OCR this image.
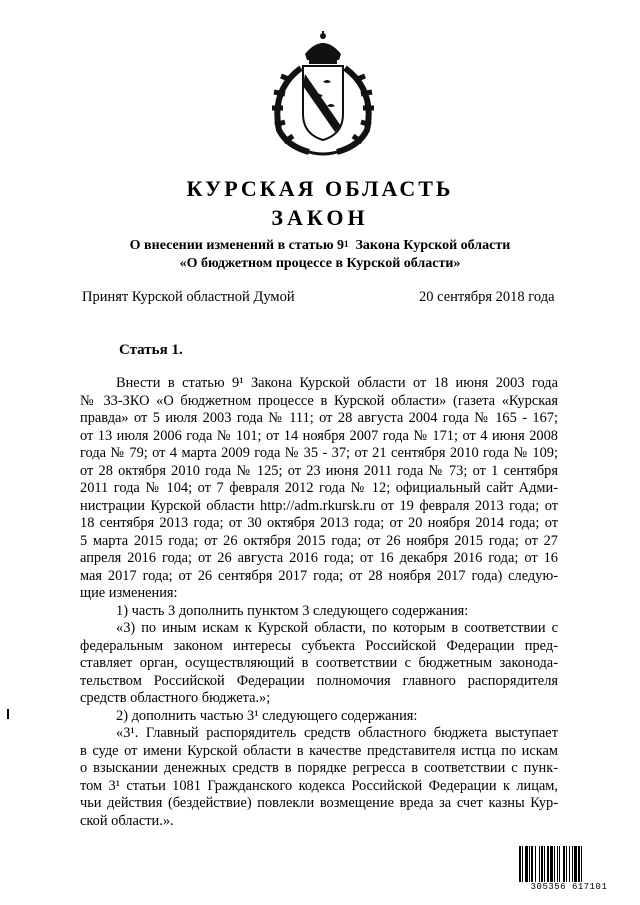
КУРСКАЯ ОБЛАСТЬ
ЗАКОН
О внесении изменений в статью $9^1$ Закона Курской области
«О бюджетном процессе в Курской области»
Принят Курской областной Думой	20 сентября 2018 года
Статья 1.
Внести в статью 9¹ Закона Курской области от 18 июня 2003 года
№ 33-ЗКО «О бюджетном процессе в Курской области» (газета «Курская
правда» от 5 июля 2003 года № 111; от 28 августа 2004 года № 165 - 167;
от 13 июля 2006 года № 101; от 14 ноября 2007 года № 171; от 4 июня 2008
года № 79; от 4 марта 2009 года № 35 - 37; от 21 сентября 2010 года № 109;
от 28 октября 2010 года № 125; от 23 июня 2011 года № 73; от 1 сентября
2011 года № 104; от 7 февраля 2012 года № 12; официальный сайт Адми-
нистрации Курской области http://adm.rkursk.ru от 19 февраля 2013 года; от
18 сентября 2013 года; от 30 октября 2013 года; от 20 ноября 2014 года; от
5 марта 2015 года; от 26 октября 2015 года; от 26 ноября 2015 года; от 27
апреля 2016 года; от 26 августа 2016 года; от 16 декабря 2016 года; от 16
мая 2017 года; от 26 сентября 2017 года; от 28 ноября 2017 года) следую-
щие изменения:
1) часть 3 дополнить пунктом 3 следующего содержания:
«3) по иным искам к Курской области, по которым в соответствии с
федеральным законом интересы субъекта Российской Федерации пред-
ставляет орган, осуществляющий в соответствии с бюджетным законода-
тельством Российской Федерации полномочия главного распорядителя
средств областного бюджета.»;
2) дополнить частью 3¹ следующего содержания:
«3¹. Главный распорядитель средств областного бюджета выступает
в суде от имени Курской области в качестве представителя истца по искам
о взыскании денежных средств в порядке регресса в соответствии с пунк-
том 3¹ статьи 1081 Гражданского кодекса Российской Федерации к лицам,
чьи действия (бездействие) повлекли возмещение вреда за счет казны Кур-
ской области.».
305356 617101
